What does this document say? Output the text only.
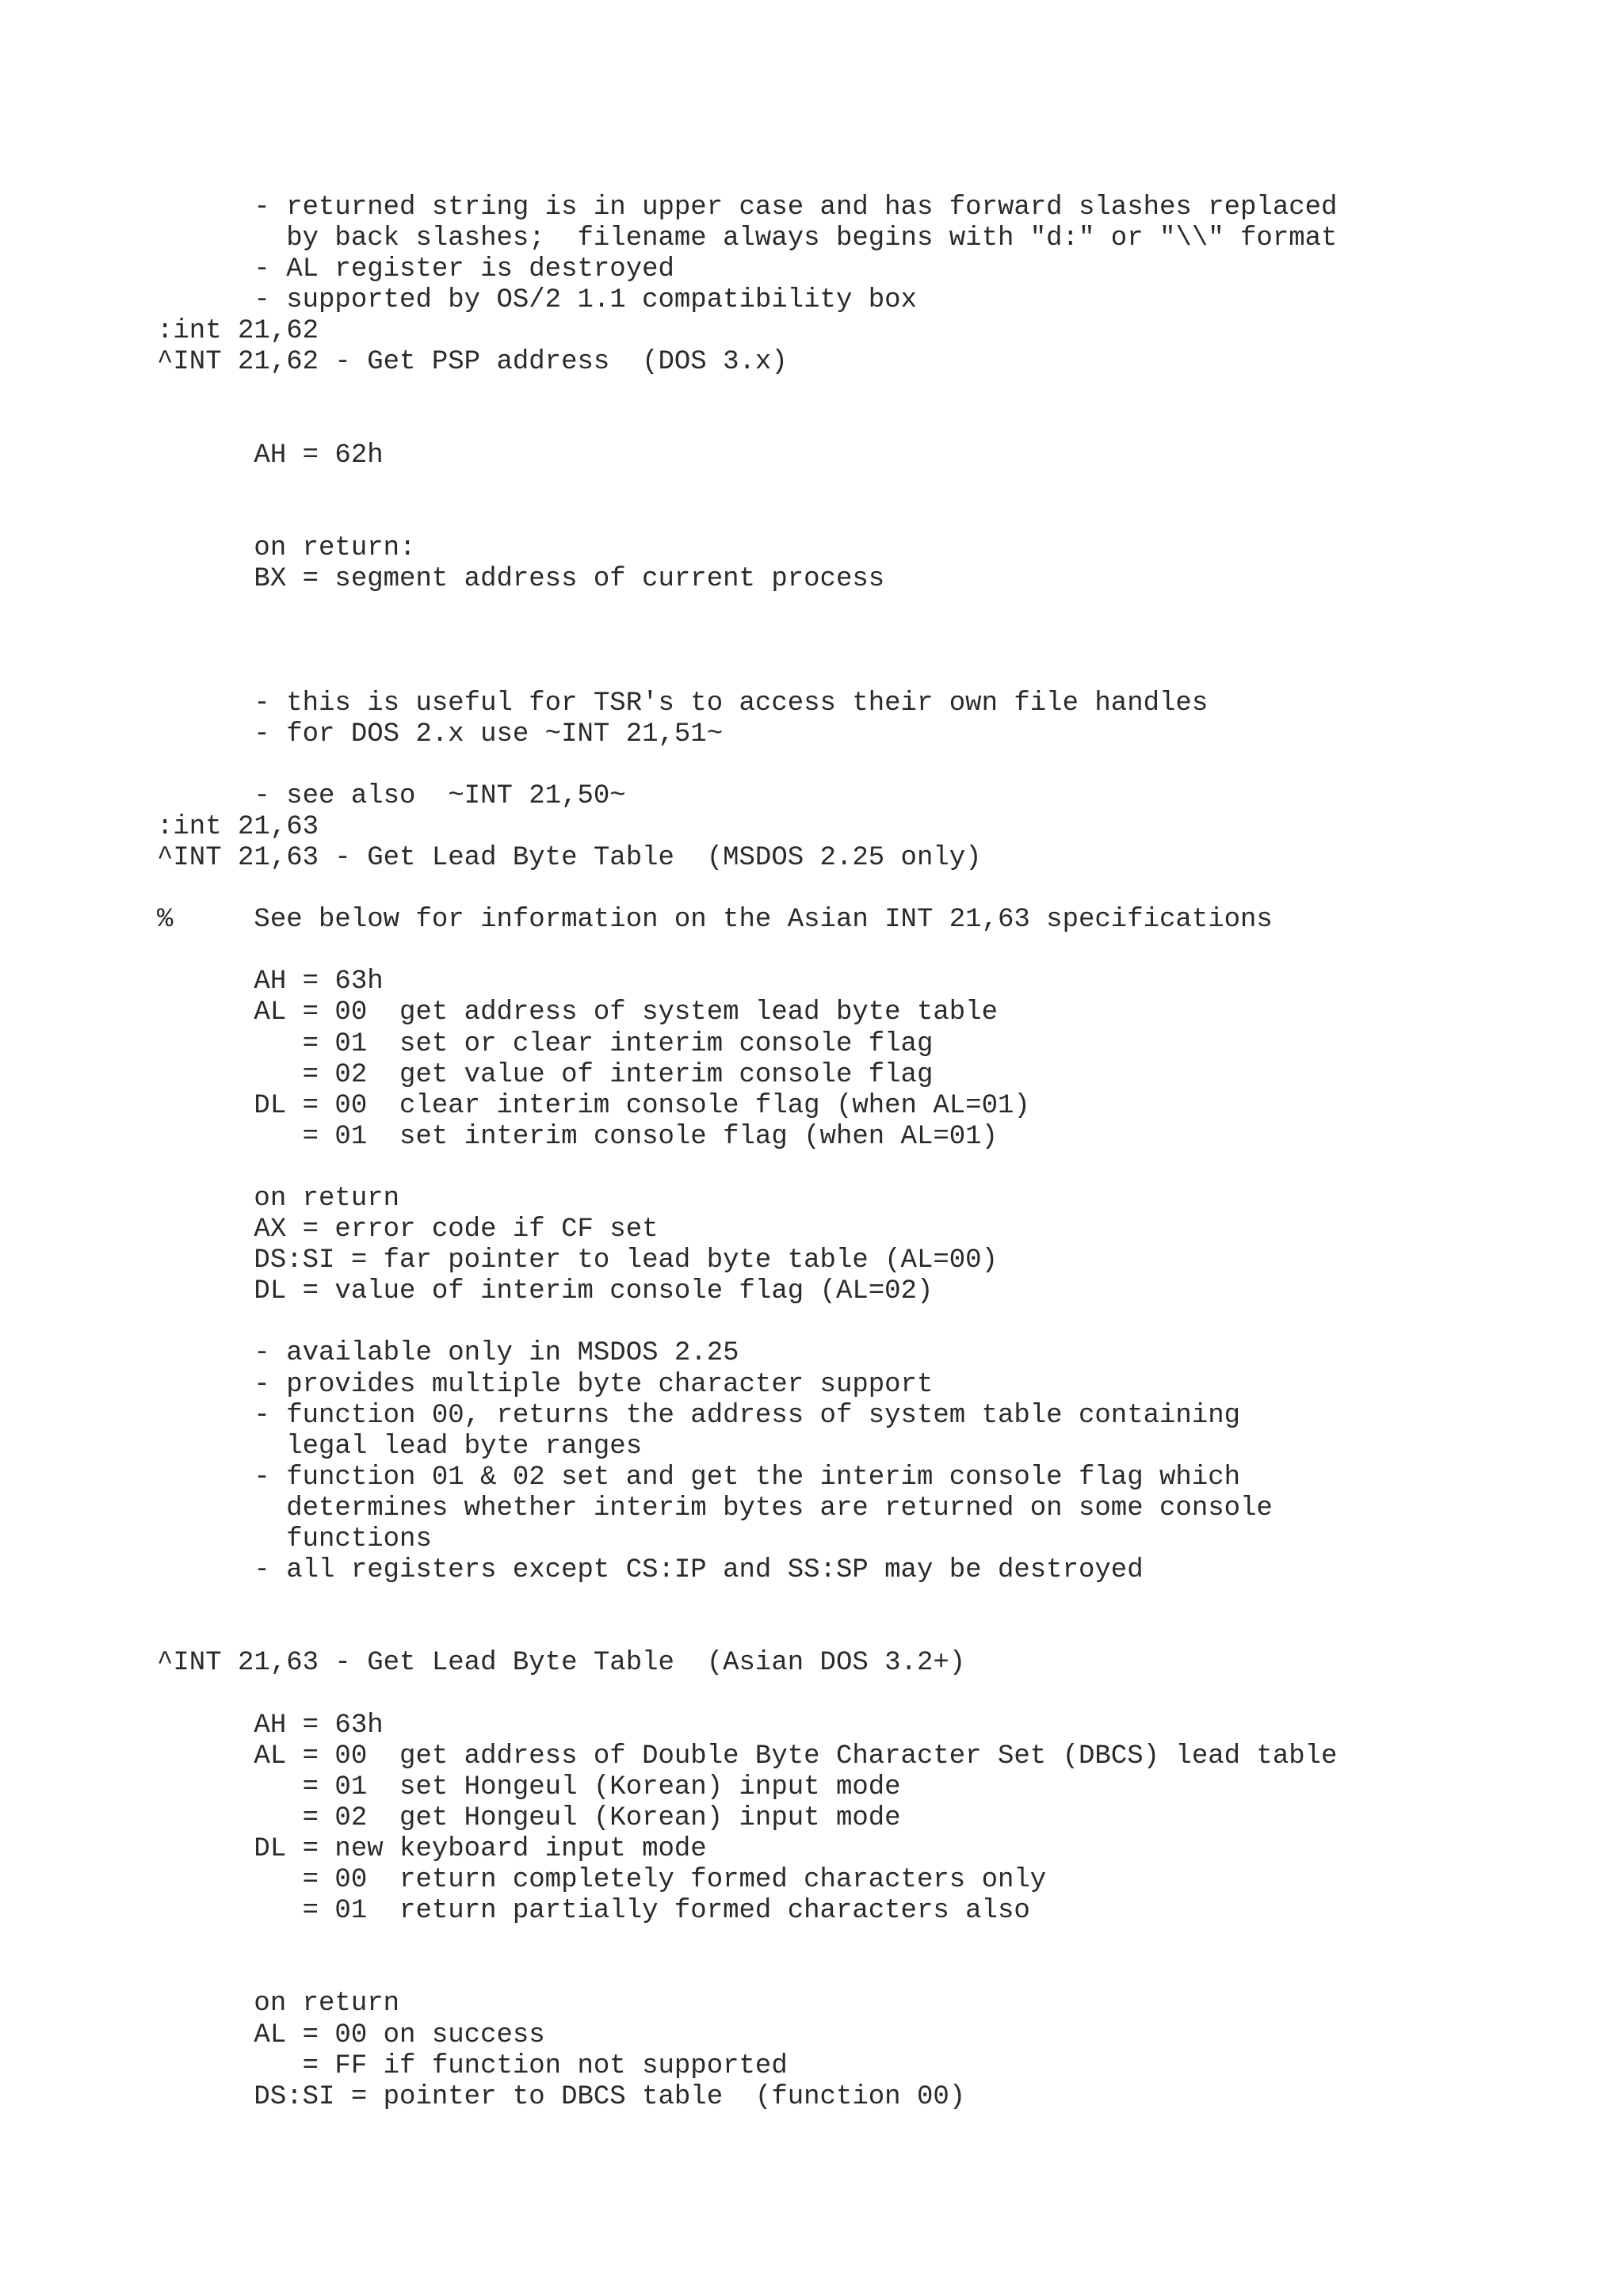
- returned string is in upper case and has forward slashes replaced
by back slashes;  filename always begins with "d:" or "\\" format
- AL register is destroyed
- supported by OS/2 1.1 compatibility box
:int 21,62
^INT 21,62 - Get PSP address  (DOS 3.x)
AH = 62h
on return:
BX = segment address of current process
- this is useful for TSR's to access their own file handles
- for DOS 2.x use ~INT 21,51~
- see also  ~INT 21,50~
:int 21,63
^INT 21,63 - Get Lead Byte Table  (MSDOS 2.25 only)
%     See below for information on the Asian INT 21,63 specifications
AH = 63h
AL = 00  get address of system lead byte table
= 01  set or clear interim console flag
= 02  get value of interim console flag
DL = 00  clear interim console flag (when AL=01)
= 01  set interim console flag (when AL=01)
on return
AX = error code if CF set
DS:SI = far pointer to lead byte table (AL=00)
DL = value of interim console flag (AL=02)
- available only in MSDOS 2.25
- provides multiple byte character support
- function 00, returns the address of system table containing
legal lead byte ranges
- function 01 & 02 set and get the interim console flag which
determines whether interim bytes are returned on some console
functions
- all registers except CS:IP and SS:SP may be destroyed
^INT 21,63 - Get Lead Byte Table  (Asian DOS 3.2+)
AH = 63h
AL = 00  get address of Double Byte Character Set (DBCS) lead table
= 01  set Hongeul (Korean) input mode
= 02  get Hongeul (Korean) input mode
DL = new keyboard input mode
= 00  return completely formed characters only
= 01  return partially formed characters also
on return
AL = 00 on success
= FF if function not supported
DS:SI = pointer to DBCS table  (function 00)
